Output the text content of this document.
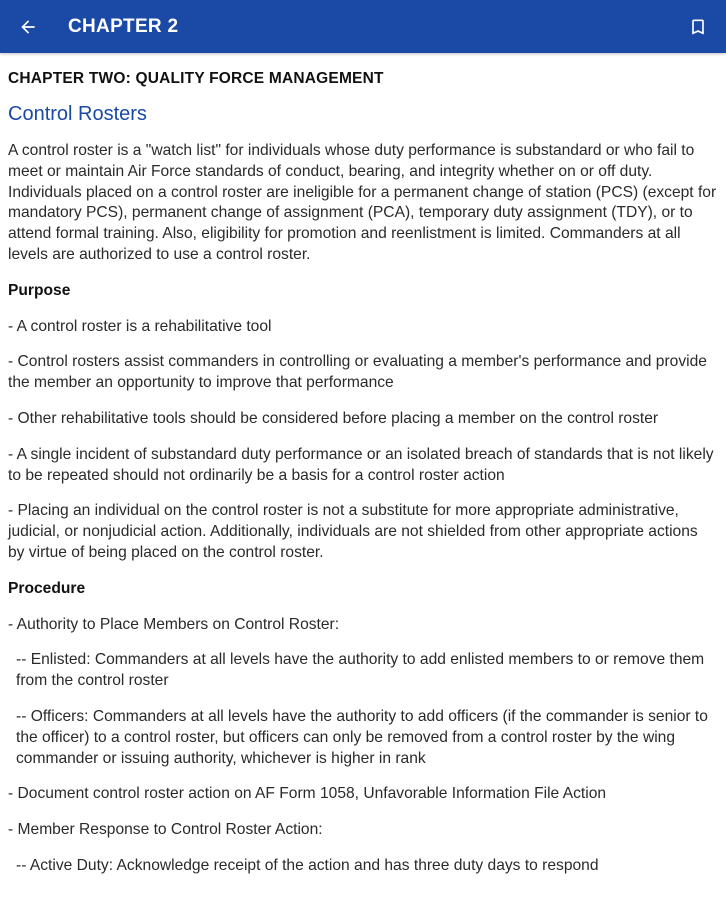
CHAPTER 2
CHAPTER TWO: QUALITY FORCE MANAGEMENT
Control Rosters

A control roster is a "watch list" for individuals whose duty performance is substandard or who fail to meet or maintain Air Force standards of conduct, bearing, and integrity whether on or off duty. Individuals placed on a control roster are ineligible for a permanent change of station (PCS) (except for mandatory PCS), permanent change of assignment (PCA), temporary duty assignment (TDY), or to attend formal training. Also, eligibility for promotion and reenlistment is limited. Commanders at all levels are authorized to use a control roster.

Purpose

- A control roster is a rehabilitative tool

- Control rosters assist commanders in controlling or evaluating a member's performance and provide the member an opportunity to improve that performance

- Other rehabilitative tools should be considered before placing a member on the control roster

- A single incident of substandard duty performance or an isolated breach of standards that is not likely to be repeated should not ordinarily be a basis for a control roster action

- Placing an individual on the control roster is not a substitute for more appropriate administrative, judicial, or nonjudicial action. Additionally, individuals are not shielded from other appropriate actions by virtue of being placed on the control roster.

Procedure

- Authority to Place Members on Control Roster:

-- Enlisted: Commanders at all levels have the authority to add enlisted members to or remove them from the control roster

-- Officers: Commanders at all levels have the authority to add officers (if the commander is senior to the officer) to a control roster, but officers can only be removed from a control roster by the wing commander or issuing authority, whichever is higher in rank

- Document control roster action on AF Form 1058, Unfavorable Information File Action

- Member Response to Control Roster Action:

-- Active Duty: Acknowledge receipt of the action and has three duty days to respond
